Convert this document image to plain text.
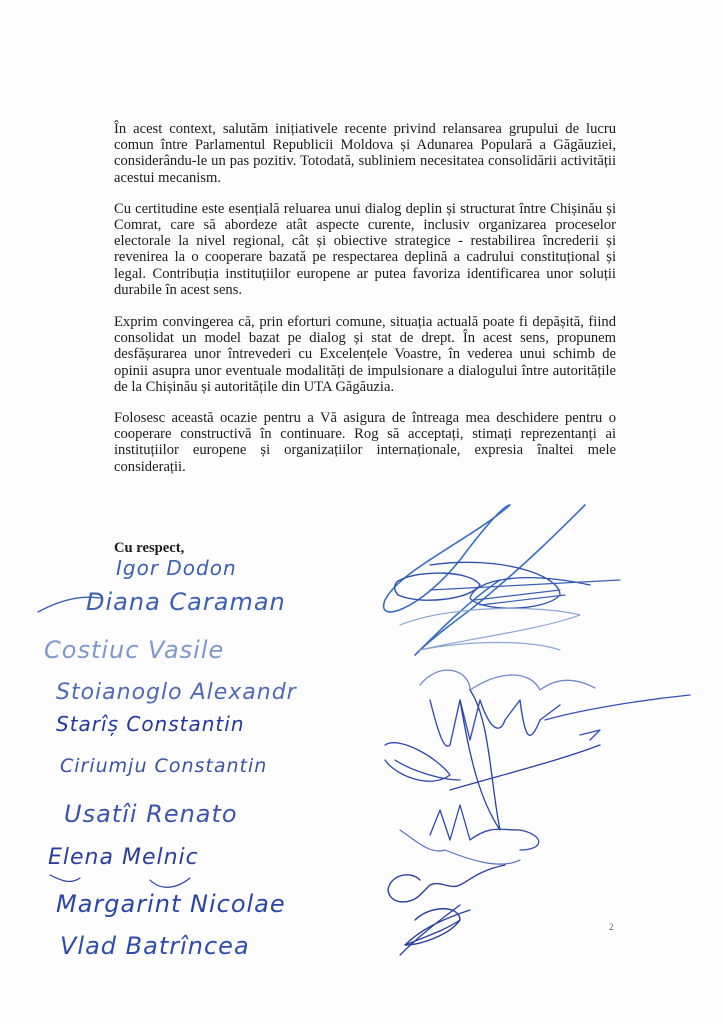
În acest context, salutăm inițiativele recente privind relansarea grupului de lucru comun între Parlamentul Republicii Moldova și Adunarea Populară a Găgăuziei, considerându-le un pas pozitiv. Totodată, subliniem necesitatea consolidării activității acestui mecanism.

Cu certitudine este esențială reluarea unui dialog deplin și structurat între Chișinău și Comrat, care să abordeze atât aspecte curente, inclusiv organizarea proceselor electorale la nivel regional, cât și obiective strategice - restabilirea încrederii și revenirea la o cooperare bazată pe respectarea deplină a cadrului constituțional și legal. Contribuția instituțiilor europene ar putea favoriza identificarea unor soluții durabile în acest sens.

Exprim convingerea că, prin eforturi comune, situația actuală poate fi depășită, fiind consolidat un model bazat pe dialog și stat de drept. În acest sens, propunem desfășurarea unor întrevederi cu Excelențele Voastre, în vederea unui schimb de opinii asupra unor eventuale modalități de impulsionare a dialogului între autoritățile de la Chișinău și autoritățile din UTA Găgăuzia.

Folosesc această ocazie pentru a Vă asigura de întreaga mea deschidere pentru o cooperare constructivă în continuare. Rog să acceptați, stimați reprezentanți ai instituțiilor europene și organizațiilor internaționale, expresia înaltei mele considerații.

Cu respect,
Igor Dodon
Diana Caraman
Costiuc Vasile
Stoianoglo Alexandr
Starîș Constantin
Ciriumju Constantin
Usatîi Renato
Elena Melnic
Margarint Nicolae
Vlad Batrîncea
2
